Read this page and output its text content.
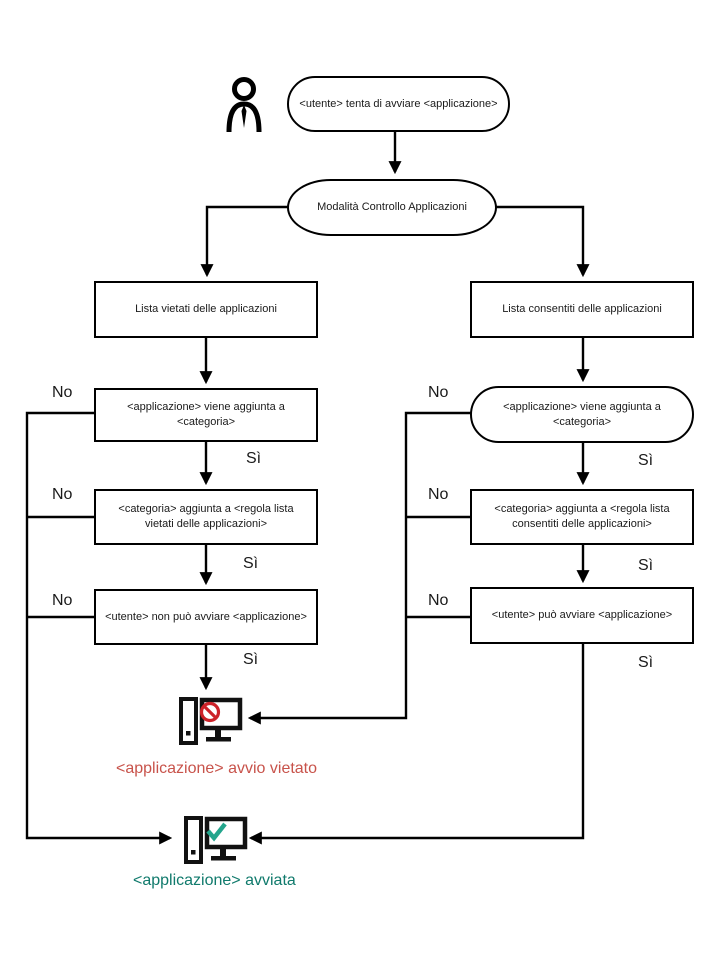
<utente> tenta di avviare <applicazione>
Modalità Controllo Applicazioni
Lista vietati delle applicazioni	Lista consentiti delle applicazioni
<applicazione> viene aggiunta a <categoria>
<applicazione> viene aggiunta a <categoria>
<categoria> aggiunta a <regola lista vietati delle applicazioni>
<categoria> aggiunta a <regola lista consentiti delle applicazioni>
<utente> non può avviare <applicazione>	<utente> può avviare <applicazione>
No
No
No
No
No
No
Sì
Sì
Sì
Sì
Sì
Sì
<applicazione> avvio vietato
<applicazione> avviata
